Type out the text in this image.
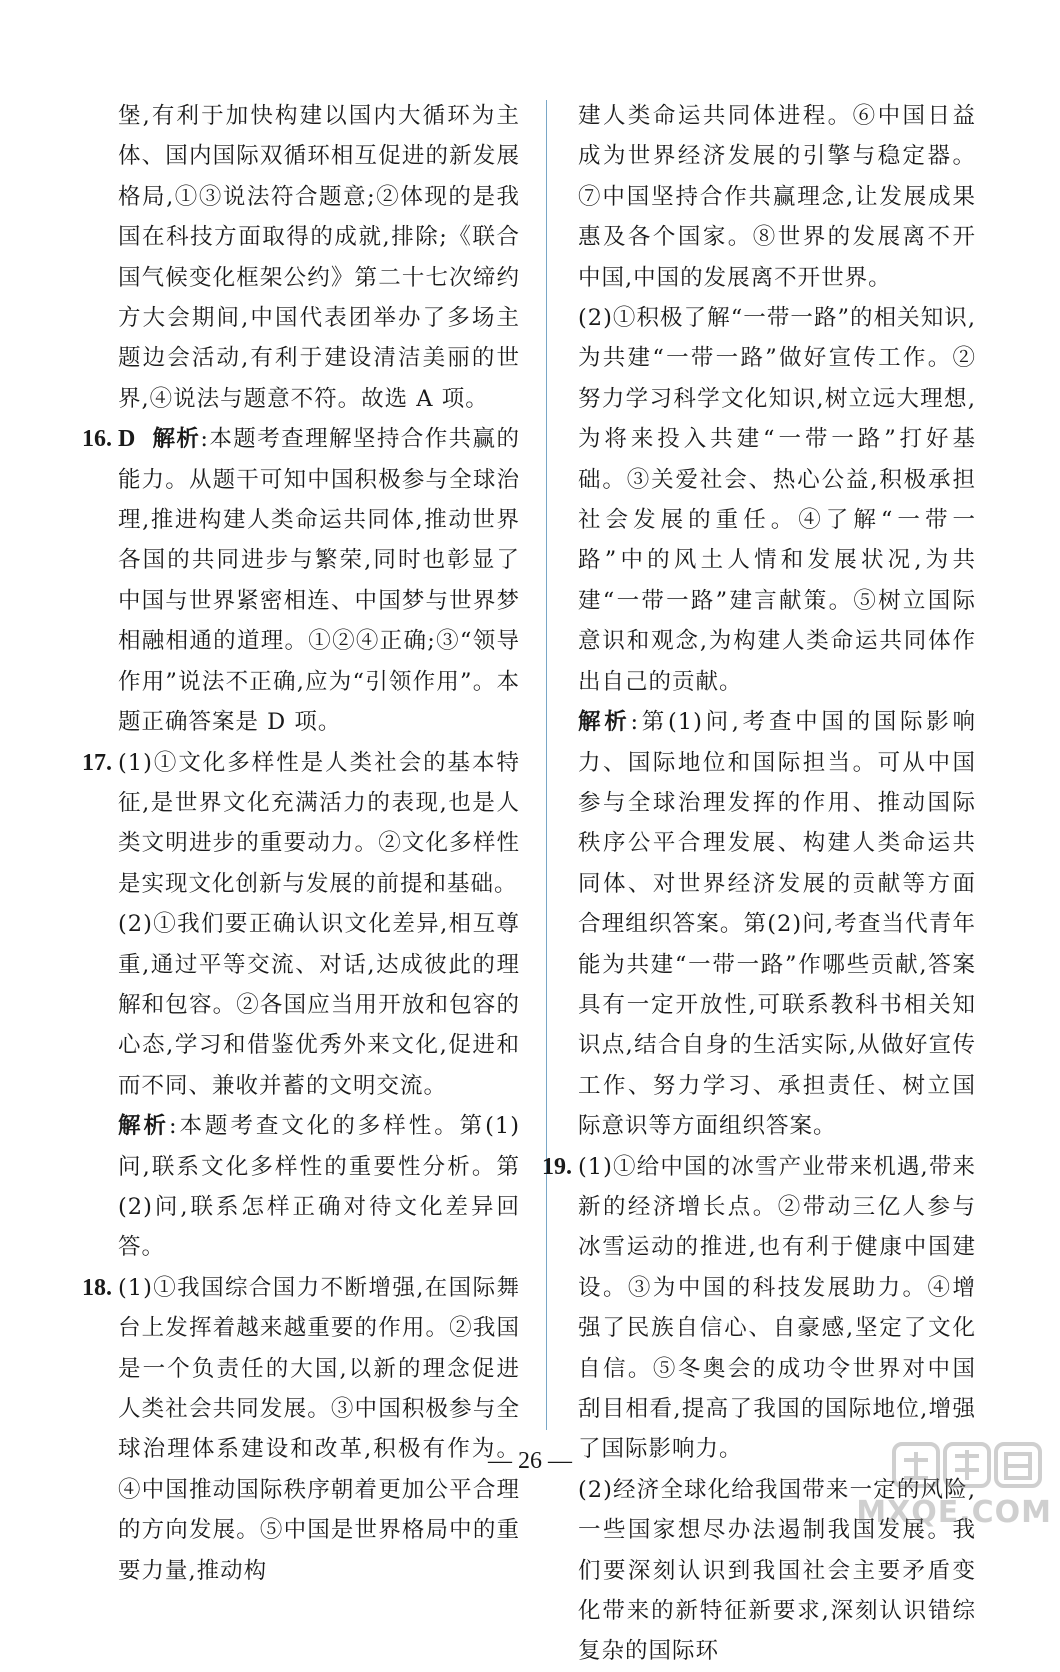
堡,有利于加快构建以国内大循环为主体、国内国际双循环相互促进的新发展格局,①③说法符合题意;②体现的是我国在科技方面取得的成就,排除;《联合国气候变化框架公约》第二十七次缔约方大会期间,中国代表团举办了多场主题边会活动,有利于建设清洁美丽的世界,④说法与题意不符。故选 A 项。

16. D 解析:本题考查理解坚持合作共赢的能力。从题干可知中国积极参与全球治理,推进构建人类命运共同体,推动世界各国的共同进步与繁荣,同时也彰显了中国与世界紧密相连、中国梦与世界梦相融相通的道理。①②④正确;③“领导作用”说法不正确,应为“引领作用”。本题正确答案是 D 项。

17. (1)①文化多样性是人类社会的基本特征,是世界文化充满活力的表现,也是人类文明进步的重要动力。②文化多样性是实现文化创新与发展的前提和基础。

(2)①我们要正确认识文化差异,相互尊重,通过平等交流、对话,达成彼此的理解和包容。②各国应当用开放和包容的心态,学习和借鉴优秀外来文化,促进和而不同、兼收并蓄的文明交流。

解析:本题考查文化的多样性。第(1)问,联系文化多样性的重要性分析。第(2)问,联系怎样正确对待文化差异回答。

18. (1)①我国综合国力不断增强,在国际舞台上发挥着越来越重要的作用。②我国是一个负责任的大国,以新的理念促进人类社会共同发展。③中国积极参与全球治理体系建设和改革,积极有作为。④中国推动国际秩序朝着更加公平合理的方向发展。⑤中国是世界格局中的重要力量,推动构

建人类命运共同体进程。⑥中国日益成为世界经济发展的引擎与稳定器。⑦中国坚持合作共赢理念,让发展成果惠及各个国家。⑧世界的发展离不开中国,中国的发展离不开世界。

(2)①积极了解“一带一路”的相关知识,为共建“一带一路”做好宣传工作。②努力学习科学文化知识,树立远大理想,为将来投入共建“一带一路”打好基础。③关爱社会、热心公益,积极承担社会发展的重任。④了解“一带一路”中的风土人情和发展状况,为共建“一带一路”建言献策。⑤树立国际意识和观念,为构建人类命运共同体作出自己的贡献。

解析:第(1)问,考查中国的国际影响力、国际地位和国际担当。可从中国参与全球治理发挥的作用、推动国际秩序公平合理发展、构建人类命运共同体、对世界经济发展的贡献等方面合理组织答案。第(2)问,考查当代青年能为共建“一带一路”作哪些贡献,答案具有一定开放性,可联系教科书相关知识点,结合自身的生活实际,从做好宣传工作、努力学习、承担责任、树立国际意识等方面组织答案。

19. (1)①给中国的冰雪产业带来机遇,带来新的经济增长点。②带动三亿人参与冰雪运动的推进,也有利于健康中国建设。③为中国的科技发展助力。④增强了民族自信心、自豪感,坚定了文化自信。⑤冬奥会的成功令世界对中国刮目相看,提高了我国的国际地位,增强了国际影响力。

(2)经济全球化给我国带来一定的风险,一些国家想尽办法遏制我国发展。我们要深刻认识到我国社会主要矛盾变化带来的新特征新要求,深刻认识错综复杂的国际环

— 26 —
MXQE.COM
